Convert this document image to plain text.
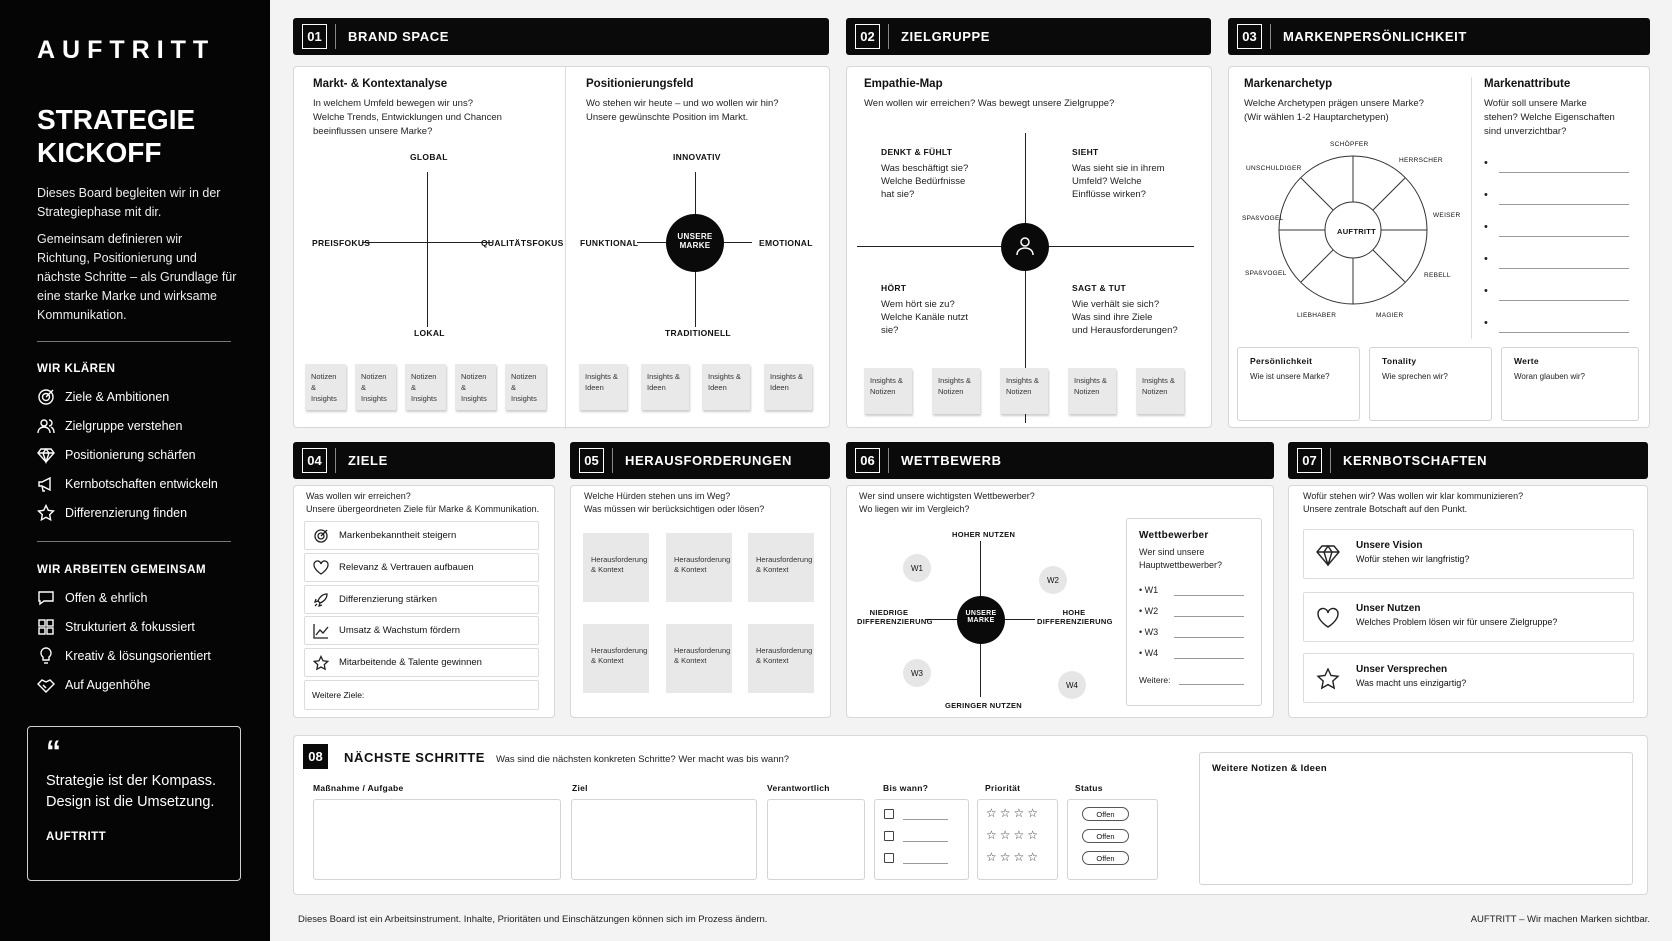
AUFTRITT
STRATEGIE KICKOFF
Dieses Board begleiten wir in der Strategiephase mit dir.
Gemeinsam definieren wir Richtung, Positionierung und nächste Schritte – als Grundlage für eine starke Marke und wirksame Kommunikation.
WIR KLÄREN
Ziele & Ambitionen
Zielgruppe verstehen
Positionierung schärfen
Kernbotschaften entwickeln
Differenzierung finden
WIR ARBEITEN GEMEINSAM
Offen & ehrlich
Strukturiert & fokussiert
Kreativ & lösungsorientiert
Auf Augenhöhe
“
Strategie ist der Kompass. Design ist die Umsetzung.
AUFTRITT
01	BRAND SPACE	02	ZIELGRUPPE	03	MARKENPERSÖNLICHKEIT
04	ZIELE	05	HERAUSFORDERUNGEN	06	WETTBEWERB	07	KERNBOTSCHAFTEN
Markt- & Kontextanalyse
In welchem Umfeld bewegen wir uns?
Welche Trends, Entwicklungen und Chancen
beeinflussen unsere Marke?
GLOBAL
LOKAL
PREISFOKUS	QUALITÄTSFOKUS
Notizen
& Insights
Notizen
& Insights
Notizen
& Insights
Notizen
& Insights
Notizen
& Insights
Positionierungsfeld
Wo stehen wir heute – und wo wollen wir hin?
Unsere gewünschte Position im Markt.
UNSERE
MARKE
INNOVATIV
TRADITIONELL
FUNKTIONAL	EMOTIONAL
Insights &
Ideen
Insights &
Ideen
Insights &
Ideen
Insights &
Ideen
Empathie-Map
Wen wollen wir erreichen? Was bewegt unsere Zielgruppe?
DENKT & FÜHLT
Was beschäftigt sie?
Welche Bedürfnisse
hat sie?
SIEHT
Was sieht sie in ihrem
Umfeld? Welche
Einflüsse wirken?
HÖRT
Wem hört sie zu?
Welche Kanäle nutzt
sie?
SAGT & TUT
Wie verhält sie sich?
Was sind ihre Ziele
und Herausforderungen?
Insights &
Notizen
Insights &
Notizen
Insights &
Notizen
Insights &
Notizen
Insights &
Notizen
Markenarchetyp
Welche Archetypen prägen unsere Marke?
(Wir wählen 1-2 Hauptarchetypen)
AUFTRITT
SCHÖPFER
HERRSCHER
WEISER
REBELL
MAGIER
LIEBHABER
SPAßVOGEL
SPAßVOGEL
UNSCHULDIGER
Markenattribute
Wofür soll unsere Marke
stehen? Welche Eigenschaften
sind unverzichtbar?
•
•
•
•
•
•
Persönlichkeit
Wie ist unsere Marke?
Tonality
Wie sprechen wir?
Werte
Woran glauben wir?
Was wollen wir erreichen?
Unsere übergeordneten Ziele für Marke & Kommunikation.
Markenbekanntheit steigern
Relevanz & Vertrauen aufbauen
Differenzierung stärken
Umsatz & Wachstum fördern
Mitarbeitende & Talente gewinnen
Weitere Ziele:
Welche Hürden stehen uns im Weg?
Was müssen wir berücksichtigen oder lösen?
Herausforderung
& Kontext
Herausforderung
& Kontext
Herausforderung
& Kontext
Herausforderung
& Kontext
Herausforderung
& Kontext
Herausforderung
& Kontext
Wer sind unsere wichtigsten Wettbewerber?
Wo liegen wir im Vergleich?
HOHER NUTZEN
GERINGER NUTZEN
NIEDRIGE
DIFFERENZIERUNG
HOHE
DIFFERENZIERUNG
UNSERE
MARKE
W1
W2
W3
W4
Wettbewerber
Wer sind unsere
Hauptwettbewerber?
• W1
• W2
• W3
• W4
Weitere:
Wofür stehen wir? Was wollen wir klar kommunizieren?
Unsere zentrale Botschaft auf den Punkt.
Unsere Vision
Wofür stehen wir langfristig?
Unser Nutzen
Welches Problem lösen wir für unsere Zielgruppe?
Unser Versprechen
Was macht uns einzigartig?
08	NÄCHSTE SCHRITTE Was sind die nächsten konkreten Schritte? Wer macht was bis wann?
Maßnahme / Aufgabe	Ziel	Verantwortlich	Bis wann?	Priorität	Status
☆☆☆☆
☆☆☆☆
☆☆☆☆
Offen
Offen
Offen
Weitere Notizen & Ideen
Dieses Board ist ein Arbeitsinstrument. Inhalte, Prioritäten und Einschätzungen können sich im Prozess ändern.	AUFTRITT – Wir machen Marken sichtbar.
